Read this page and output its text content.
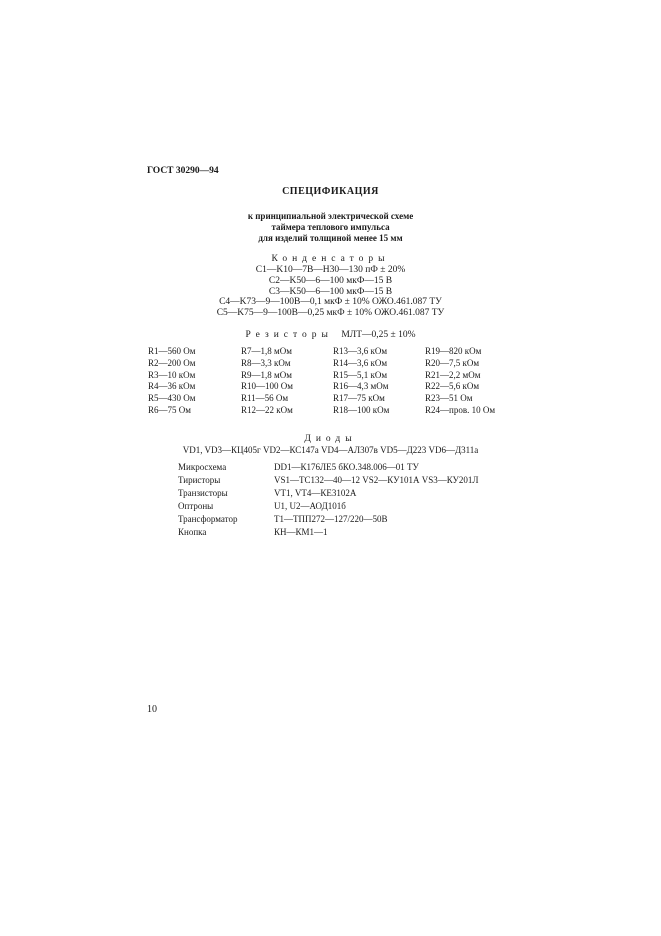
ГОСТ 30290—94
СПЕЦИФИКАЦИЯ
к принципиальной электрической схеме
таймера теплового импульса
для изделий толщиной менее 15 мм
Конденсаторы
C1—K10—7В—Н30—130 пФ ± 20%
C2—K50—6—100 мкФ—15 В
C3—K50—6—100 мкФ—15 В
C4—K73—9—100В—0,1 мкФ ± 10% ОЖО.461.087 ТУ
C5—K75—9—100В—0,25 мкФ ± 10% ОЖО.461.087 ТУ
Резисторы МЛТ—0,25 ± 10%
R1—560 Ом	R7—1,8 мОм	R13—3,6 кОм	R19—820 кОм
R2—200 Ом	R8—3,3 кОм	R14—3,6 кОм	R20—7,5 кОм
R3—10 кОм	R9—1,8 мОм	R15—5,1 кОм	R21—2,2 мОм
R4—36 кОм	R10—100 Ом	R16—4,3 мОм	R22—5,6 кОм
R5—430 Ом	R11—56 Ом	R17—75 кОм	R23—51 Ом
R6—75 Ом	R12—22 кОм	R18—100 кОм	R24—пров. 10 Ом
Диоды
VD1, VD3—КЦ405г VD2—КС147а VD4—АЛ307в VD5—Д223 VD6—Д311а
Микросхема	DD1—К176ЛЕ5 бКО.348.006—01 ТУ
Тиристоры	VS1—ТС132—40—12 VS2—КУ101А VS3—КУ201Л
Транзисторы	VT1, VT4—КЕ3102А
Оптроны	U1, U2—АОД101б
Трансформатор	Т1—ТПП272—127/220—50В
Кнопка	КН—КМ1—1
10
